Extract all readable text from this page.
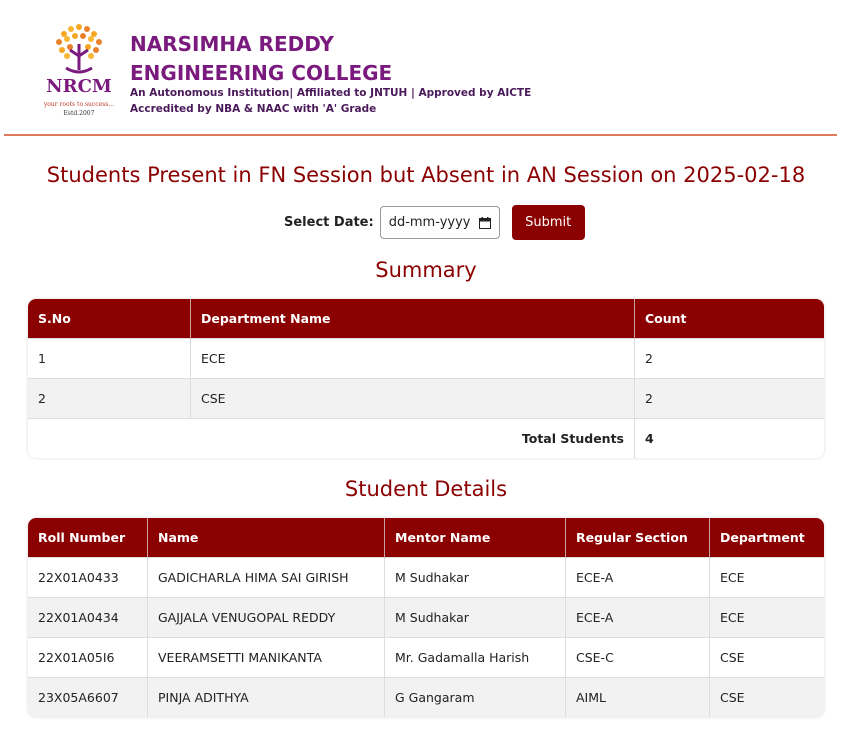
NRCM
your roots to success...
Estd.2007
NARSIMHA REDDY
ENGINEERING COLLEGE
An Autonomous Institution| Affiliated to JNTUH | Approved by AICTE
Accredited by NBA & NAAC with 'A' Grade
Students Present in FN Session but Absent in AN Session on 2025-02-18
Select Date: dd-mm-yyyy	Submit
Summary
S.No	Department Name	Count
1	ECE	2
2	CSE	2
Total Students		4
Student Details
Roll Number	Name	Mentor Name	Regular Section	Department
22X01A0433	GADICHARLA HIMA SAI GIRISH	M Sudhakar	ECE-A	ECE
22X01A0434	GAJJALA VENUGOPAL REDDY	M Sudhakar	ECE-A	ECE
22X01A05I6	VEERAMSETTI MANIKANTA	Mr. Gadamalla Harish	CSE-C	CSE
23X05A6607	PINJA ADITHYA	G Gangaram	AIML	CSE
